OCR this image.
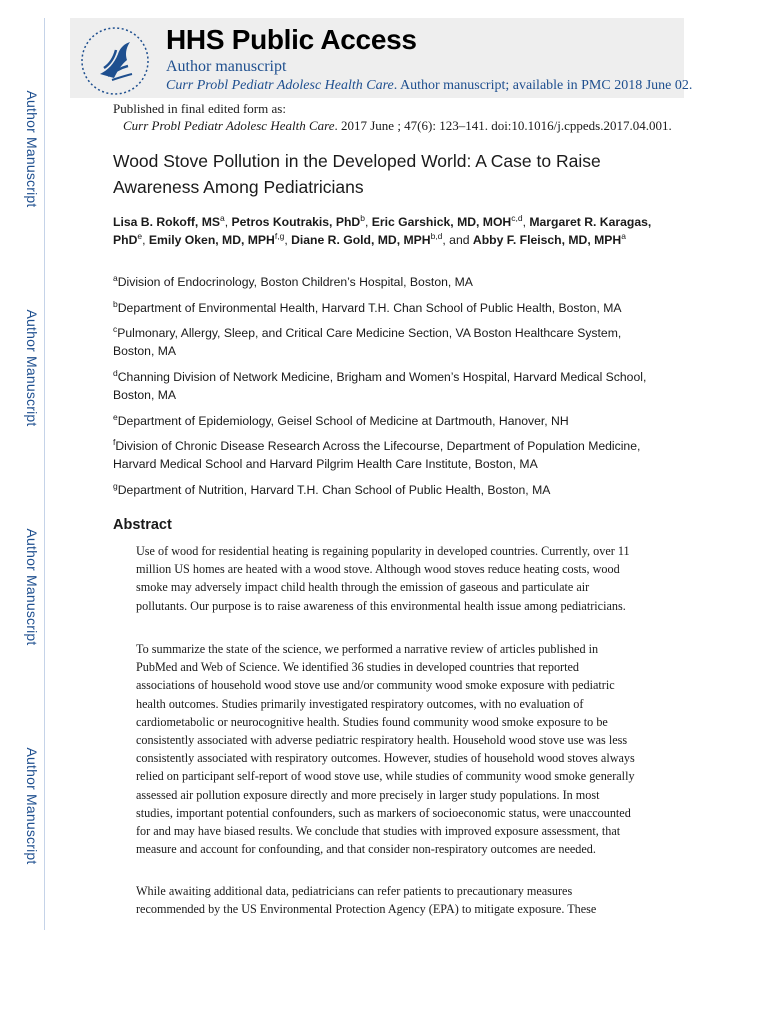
Author Manuscript
Author Manuscript
Author Manuscript
Author Manuscript
HHS Public Access
Author manuscript
Curr Probl Pediatr Adolesc Health Care. Author manuscript; available in PMC 2018 June 02.
Published in final edited form as:
Curr Probl Pediatr Adolesc Health Care. 2017 June ; 47(6): 123–141. doi:10.1016/j.cppeds.2017.04.001.
Wood Stove Pollution in the Developed World: A Case to Raise
Awareness Among Pediatricians
Lisa B. Rokoff, $MS^a$, Petros Koutrakis, PhD$^b$, Eric Garshick, MD, MOH$^{c,d}$, Margaret R. Karagas, PhD$^e$, Emily Oken, MD, MPH$^{f,g}$, Diane R. Gold, MD, MPH$^{b,d}$, and Abby F. Fleisch, MD, MPH$^a$
$^a$Division of Endocrinology, Boston Children’s Hospital, Boston, MA
$^b$Department of Environmental Health, Harvard T.H. Chan School of Public Health, Boston, MA
$^c$Pulmonary, Allergy, Sleep, and Critical Care Medicine Section, VA Boston Healthcare System, Boston, MA
$^d$Channing Division of Network Medicine, Brigham and Women’s Hospital, Harvard Medical School, Boston, MA
$^e$Department of Epidemiology, Geisel School of Medicine at Dartmouth, Hanover, NH
$^f$Division of Chronic Disease Research Across the Lifecourse, Department of Population Medicine, Harvard Medical School and Harvard Pilgrim Health Care Institute, Boston, MA
$^g$Department of Nutrition, Harvard T.H. Chan School of Public Health, Boston, MA
Abstract
Use of wood for residential heating is regaining popularity in developed countries. Currently, over 11 million US homes are heated with a wood stove. Although wood stoves reduce heating costs, wood smoke may adversely impact child health through the emission of gaseous and particulate air pollutants. Our purpose is to raise awareness of this environmental health issue among pediatricians.
To summarize the state of the science, we performed a narrative review of articles published in PubMed and Web of Science. We identified 36 studies in developed countries that reported associations of household wood stove use and/or community wood smoke exposure with pediatric health outcomes. Studies primarily investigated respiratory outcomes, with no evaluation of cardiometabolic or neurocognitive health. Studies found community wood smoke exposure to be consistently associated with adverse pediatric respiratory health. Household wood stove use was less consistently associated with respiratory outcomes. However, studies of household wood stoves always relied on participant self-report of wood stove use, while studies of community wood smoke generally assessed air pollution exposure directly and more precisely in larger study populations. In most studies, important potential confounders, such as markers of socioeconomic status, were unaccounted for and may have biased results. We conclude that studies with improved exposure assessment, that measure and account for confounding, and that consider non-respiratory outcomes are needed.
While awaiting additional data, pediatricians can refer patients to precautionary measures recommended by the US Environmental Protection Agency (EPA) to mitigate exposure. These
